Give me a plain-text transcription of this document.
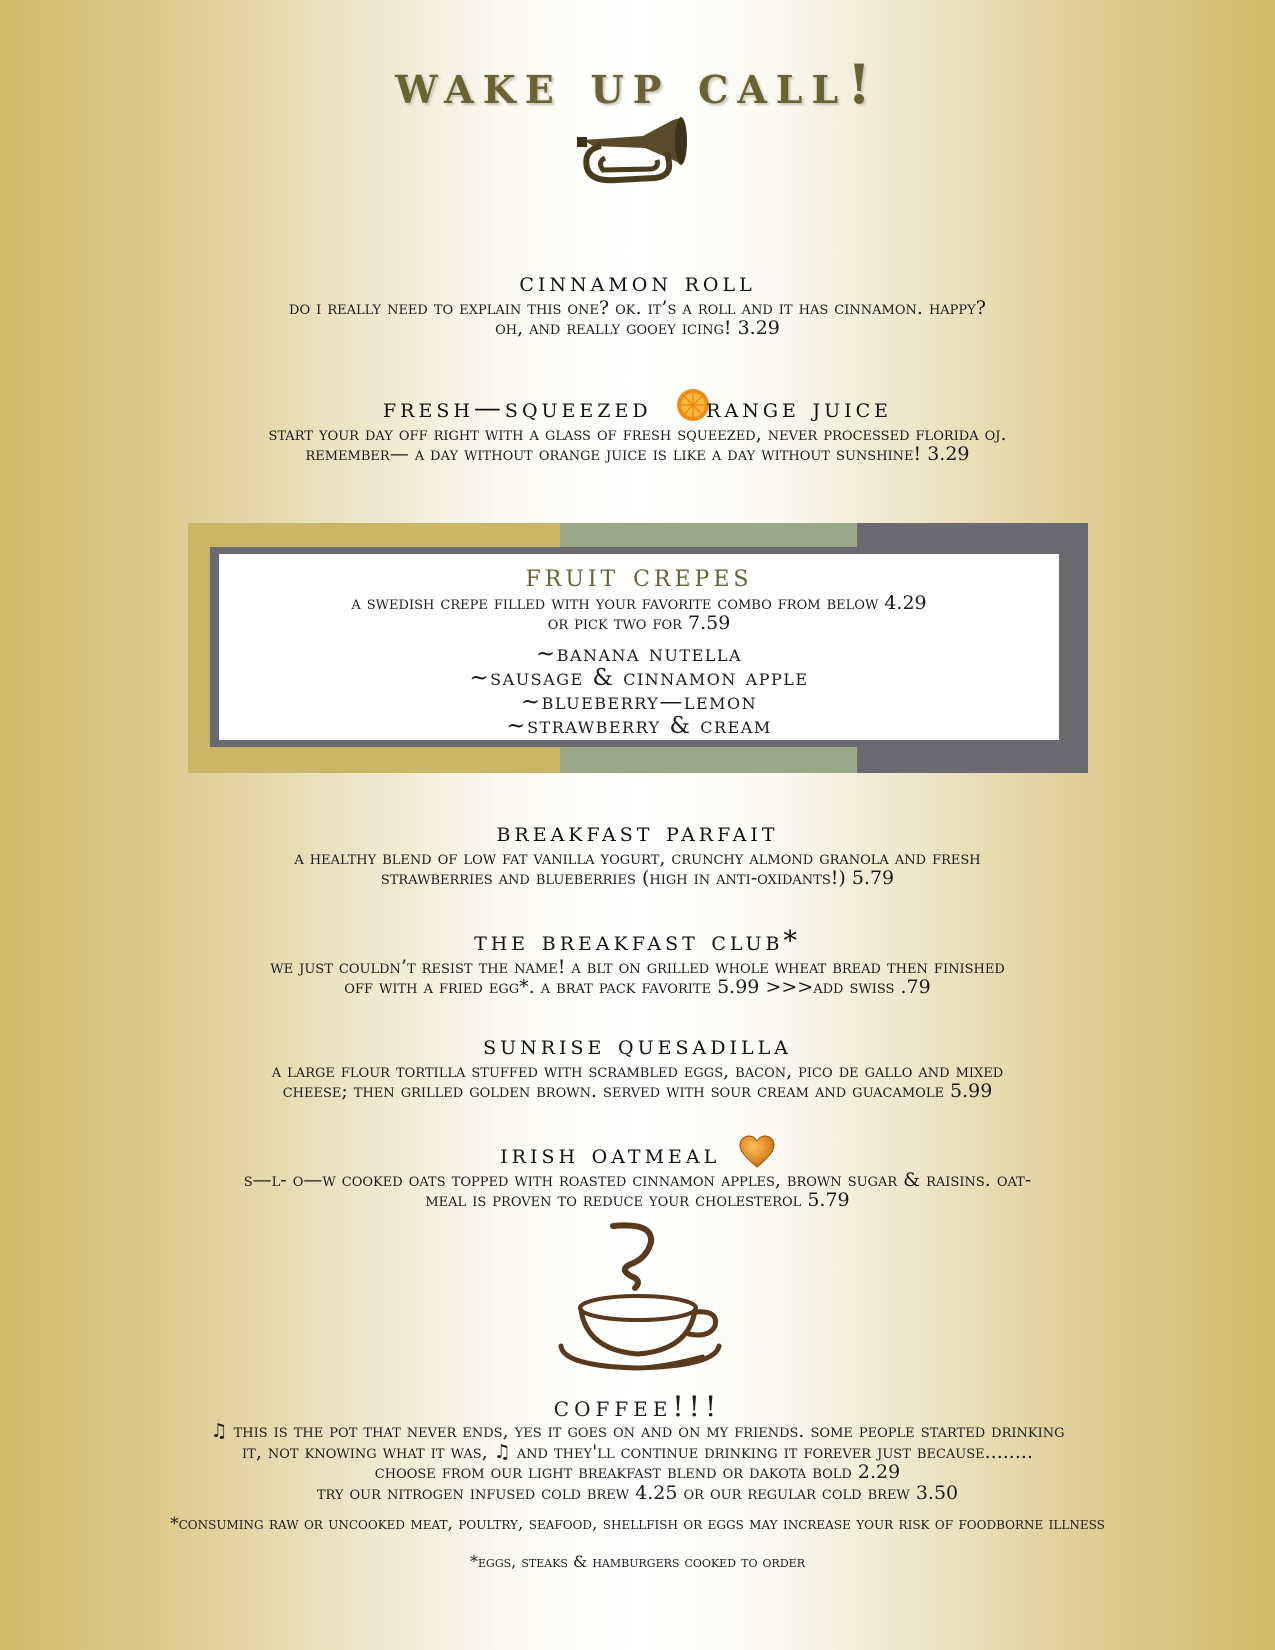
wake up call!
cinnamon roll
do i really need to explain this one? ok. it’s a roll and it has cinnamon. happy?
oh, and really gooey icing! 3.29
fresh—squeezed range juice
start your day off right with a glass of fresh squeezed, never processed florida oj.
remember— a day without orange juice is like a day without sunshine! 3.29
fruit crepes
a swedish crepe filled with your favorite combo from below 4.29
or pick two for 7.59
~banana nutella
~sausage & cinnamon apple
~blueberry—lemon
~strawberry & cream
breakfast parfait
a healthy blend of low fat vanilla yogurt, crunchy almond granola and fresh
strawberries and blueberries (high in anti-oxidants!) 5.79
the breakfast club*
we just couldn’t resist the name! a blt on grilled whole wheat bread then finished
off with a fried egg*. a brat pack favorite 5.99 >>>add swiss .79
sunrise quesadilla
a large flour tortilla stuffed with scrambled eggs, bacon, pico de gallo and mixed
cheese; then grilled golden brown. served with sour cream and guacamole 5.99
irish oatmeal
s—l- o—w cooked oats topped with roasted cinnamon apples, brown sugar & raisins. oat-
meal is proven to reduce your cholesterol 5.79
coffee!!!
♫ this is the pot that never ends, yes it goes on and on my friends. some people started drinking
it, not knowing what it was, ♫ and they'll continue drinking it forever just because........
choose from our light breakfast blend or dakota bold 2.29
try our nitrogen infused cold brew 4.25 or our regular cold brew 3.50
*consuming raw or uncooked meat, poultry, seafood, shellfish or eggs may increase your risk of foodborne illness
*eggs, steaks & hamburgers cooked to order
